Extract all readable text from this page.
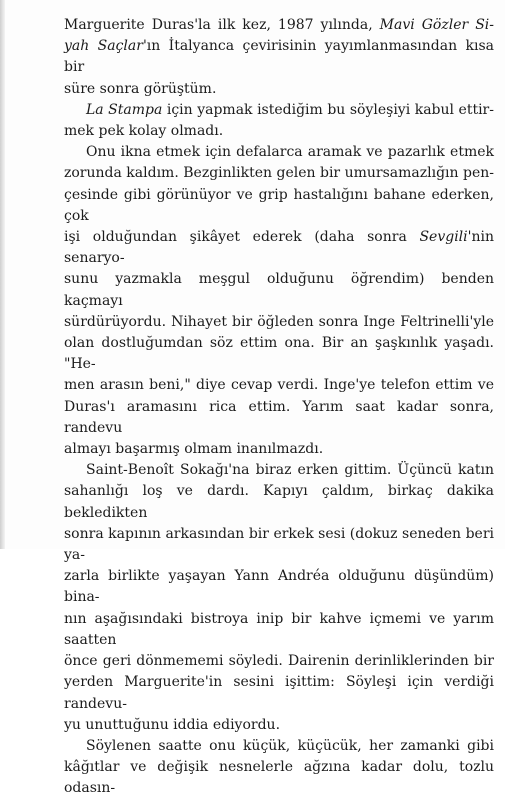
Marguerite Duras'la ilk kez, 1987 yılında, Mavi Gözler Si-
yah Saçlar'ın İtalyanca çevirisinin yayımlanmasından kısa bir
süre sonra görüştüm.
La Stampa için yapmak istediğim bu söyleşiyi kabul ettir-
mek pek kolay olmadı.
Onu ikna etmek için defalarca aramak ve pazarlık etmek
zorunda kaldım. Bezginlikten gelen bir umursamazlığın pen-
çesinde gibi görünüyor ve grip hastalığını bahane ederken, çok
işi olduğundan şikâyet ederek (daha sonra Sevgili'nin senaryo-
sunu yazmakla meşgul olduğunu öğrendim) benden kaçmayı
sürdürüyordu. Nihayet bir öğleden sonra Inge Feltrinelli'yle
olan dostluğumdan söz ettim ona. Bir an şaşkınlık yaşadı. "He-
men arasın beni," diye cevap verdi. Inge'ye telefon ettim ve
Duras'ı aramasını rica ettim. Yarım saat kadar sonra, randevu
almayı başarmış olmam inanılmazdı.
Saint-Benoît Sokağı'na biraz erken gittim. Üçüncü katın
sahanlığı loş ve dardı. Kapıyı çaldım, birkaç dakika bekledikten
sonra kapının arkasından bir erkek sesi (dokuz seneden beri ya-
zarla birlikte yaşayan Yann Andréa olduğunu düşündüm) bina-
nın aşağısındaki bistroya inip bir kahve içmemi ve yarım saatten
önce geri dönmememi söyledi. Dairenin derinliklerinden bir
yerden Marguerite'in sesini işittim: Söyleşi için verdiği randevu-
yu unuttuğunu iddia ediyordu.
Söylenen saatte onu küçük, küçücük, her zamanki gibi
kâğıtlar ve değişik nesnelerle ağzına kadar dolu, tozlu odasın-
